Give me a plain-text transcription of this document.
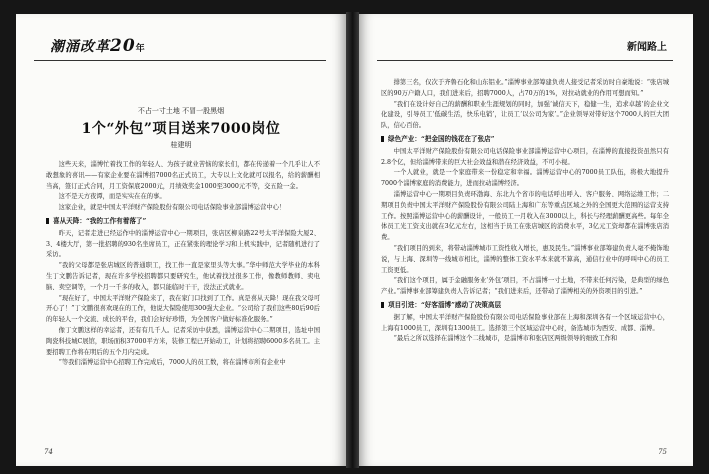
潮涌改革20年
不占一寸土地 不冒一股黑烟
1个“外包”项目送来7000岗位
桂建明

这些天来，淄博忙着找工作的年轻人、为孩子就业苦恼的家长们，都在传递着一个几乎让人不敢想象的喜讯——有家企业要在淄博招7000名正式员工，大专以上文化就可以报名，给的薪酬相当高，签订正式合同，月工资保底2000元，月绩效奖金1000至3000元不等，交五险一金。

这不是天方夜谭，而是实实在在的事。

这家企业，就是中国太平洋财产保险股份有限公司电话保险事业部淄博运营中心！

喜从天降：“我的工作有着落了”

昨天，记者走进已经运作中的淄博运营中心一期项目，张店区柳泉路22号太平洋保险大厦2、3、4楼大厅，第一批招聘的930名坐席员工，正在紧张的理论学习和上机实践中，记者随机进行了采访。

“我的父母都是张店城区的普通职工，找工作一直是家里头等大事。”华中师范大学毕业的本科生丁文鹏告诉记者，现在许多学校招聘都只要研究生，他试着找过很多工作，像教师教师、卖电脑、卖空调等，一个月一千多的收入，都只能临时干干，没法正式就业。

“现在好了，中国太平洋财产保险来了，我在家门口找到了工作。真是喜从天降！现在我父母可开心了！”丁文鹏很喜欢现在的工作，他说大保险使用300强大企业。“公司给了我们这些80后90后的年轻人一个交流、成长的平台，我们会好好珍惜，为全国客户做好标准化服务。”

像丁文鹏这样的幸运者，还有有几千人。记者采访中获悉，淄博运营中心二期项目，选址中国陶瓷科技城C展馆，职场面积37000平方米，装修工程已开始动工，计划将招聘6000多名员工。主要招聘工作将在明后的五个月内完成。

“等我们淄博运营中心招聘工作完成后，7000人的员工数，将在淄博市所有企业中

74
新闻路上

排第三名，仅次于齐鲁石化和山东铝业。”淄博事业部筹建负责人接受记者采访时自豪地说：“张店城区的90万户籍人口，我们进来后，招聘7000人，占70万的1%，对拉动就业的作用可想而知。”

“我们在设计好自己的薪酬和职业生涯规划的同时，加强‘诚信天下，稳健一生，追求卓越’的企业文化建设，引导员工‘低碳生活，快乐电销’，让员工‘以公司为家’。”企业领导对带好这个7000人的巨大团队，信心百倍。

绿色产业：“把金国的钱花在了张店”

中国太平洋财产保险股份有限公司电话保险事业部淄博运营中心项目，在淄博的直接投资虽然只有2.8个亿，但给淄博带来的巨大社会效益和潜在经济效益，不可小视。

一个人就业，就是一个家庭带来一份稳定和幸福。淄博运营中心的7000员工队伍，将极大地提升7000个淄博家庭的消费能力，进而拉动淄博经济。

淄博运营中心一期项目负责环渤海、东北九个省市的电话呼出呼入、客户服务、网络运维工作；二期项目负责中国太平洋财产保险股份有限公司陆上海和广东等重点区域之外的全国更大范围的运营支持工作。按照淄博运营中心的薪酬设计，一般员工一月收入在3000以上，科长与经理薪酬更高些。每年全体员工光工资支出就在3亿元左右，这相当于员工在张店城区的消费水平，3亿元工资却都在淄博张店消费。

“我们项目的到来，将带动淄博城市工资性收入增长，惠及民生。”淄博事业部筹建负责人毫不掩饰地说，与上海、深圳等一线城市相比，淄博的整体工资水平本来就不算高，通信行业中的呼叫中心的员工工资更低。

“我们这个项目，属于金融服务业‘外包’项目，不占淄博一寸土地，不带来任何污染，是典型的绿色产业。”淄博事业部筹建负责人告诉记者；“我们进来后，还带动了淄博相关的外资项目的引进。”

项目引进：“好客淄博”感动了决策高层

据了解，中国太平洋财产保险股份有限公司电话保险事业部在上海和深圳各有一个区域运营中心，上海有1000员工，深圳有1300员工。选择第三个区域运营中心时，备选城市为西安、成都、淄博。

“最后之所以选择在淄博这个二线城市，是淄博市和张店区两级领导的细致工作和

75
